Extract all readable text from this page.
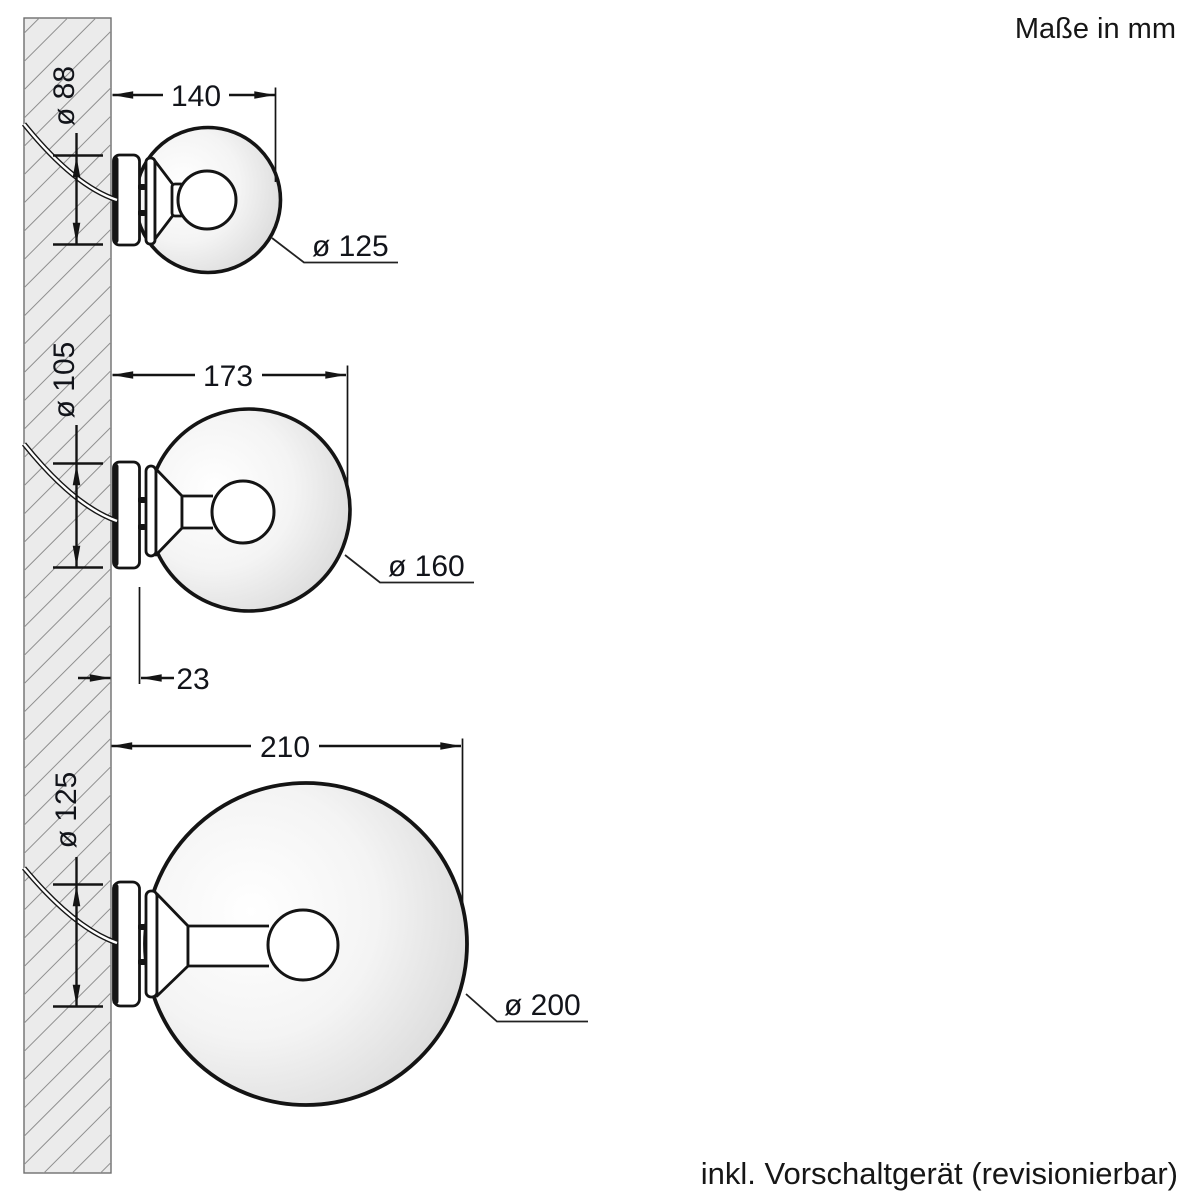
140
ø 88
ø 125
173
ø 105
ø 160
23
210
ø 125
ø 200
Maße in mm
inkl. Vorschaltgerät (revisionierbar)
